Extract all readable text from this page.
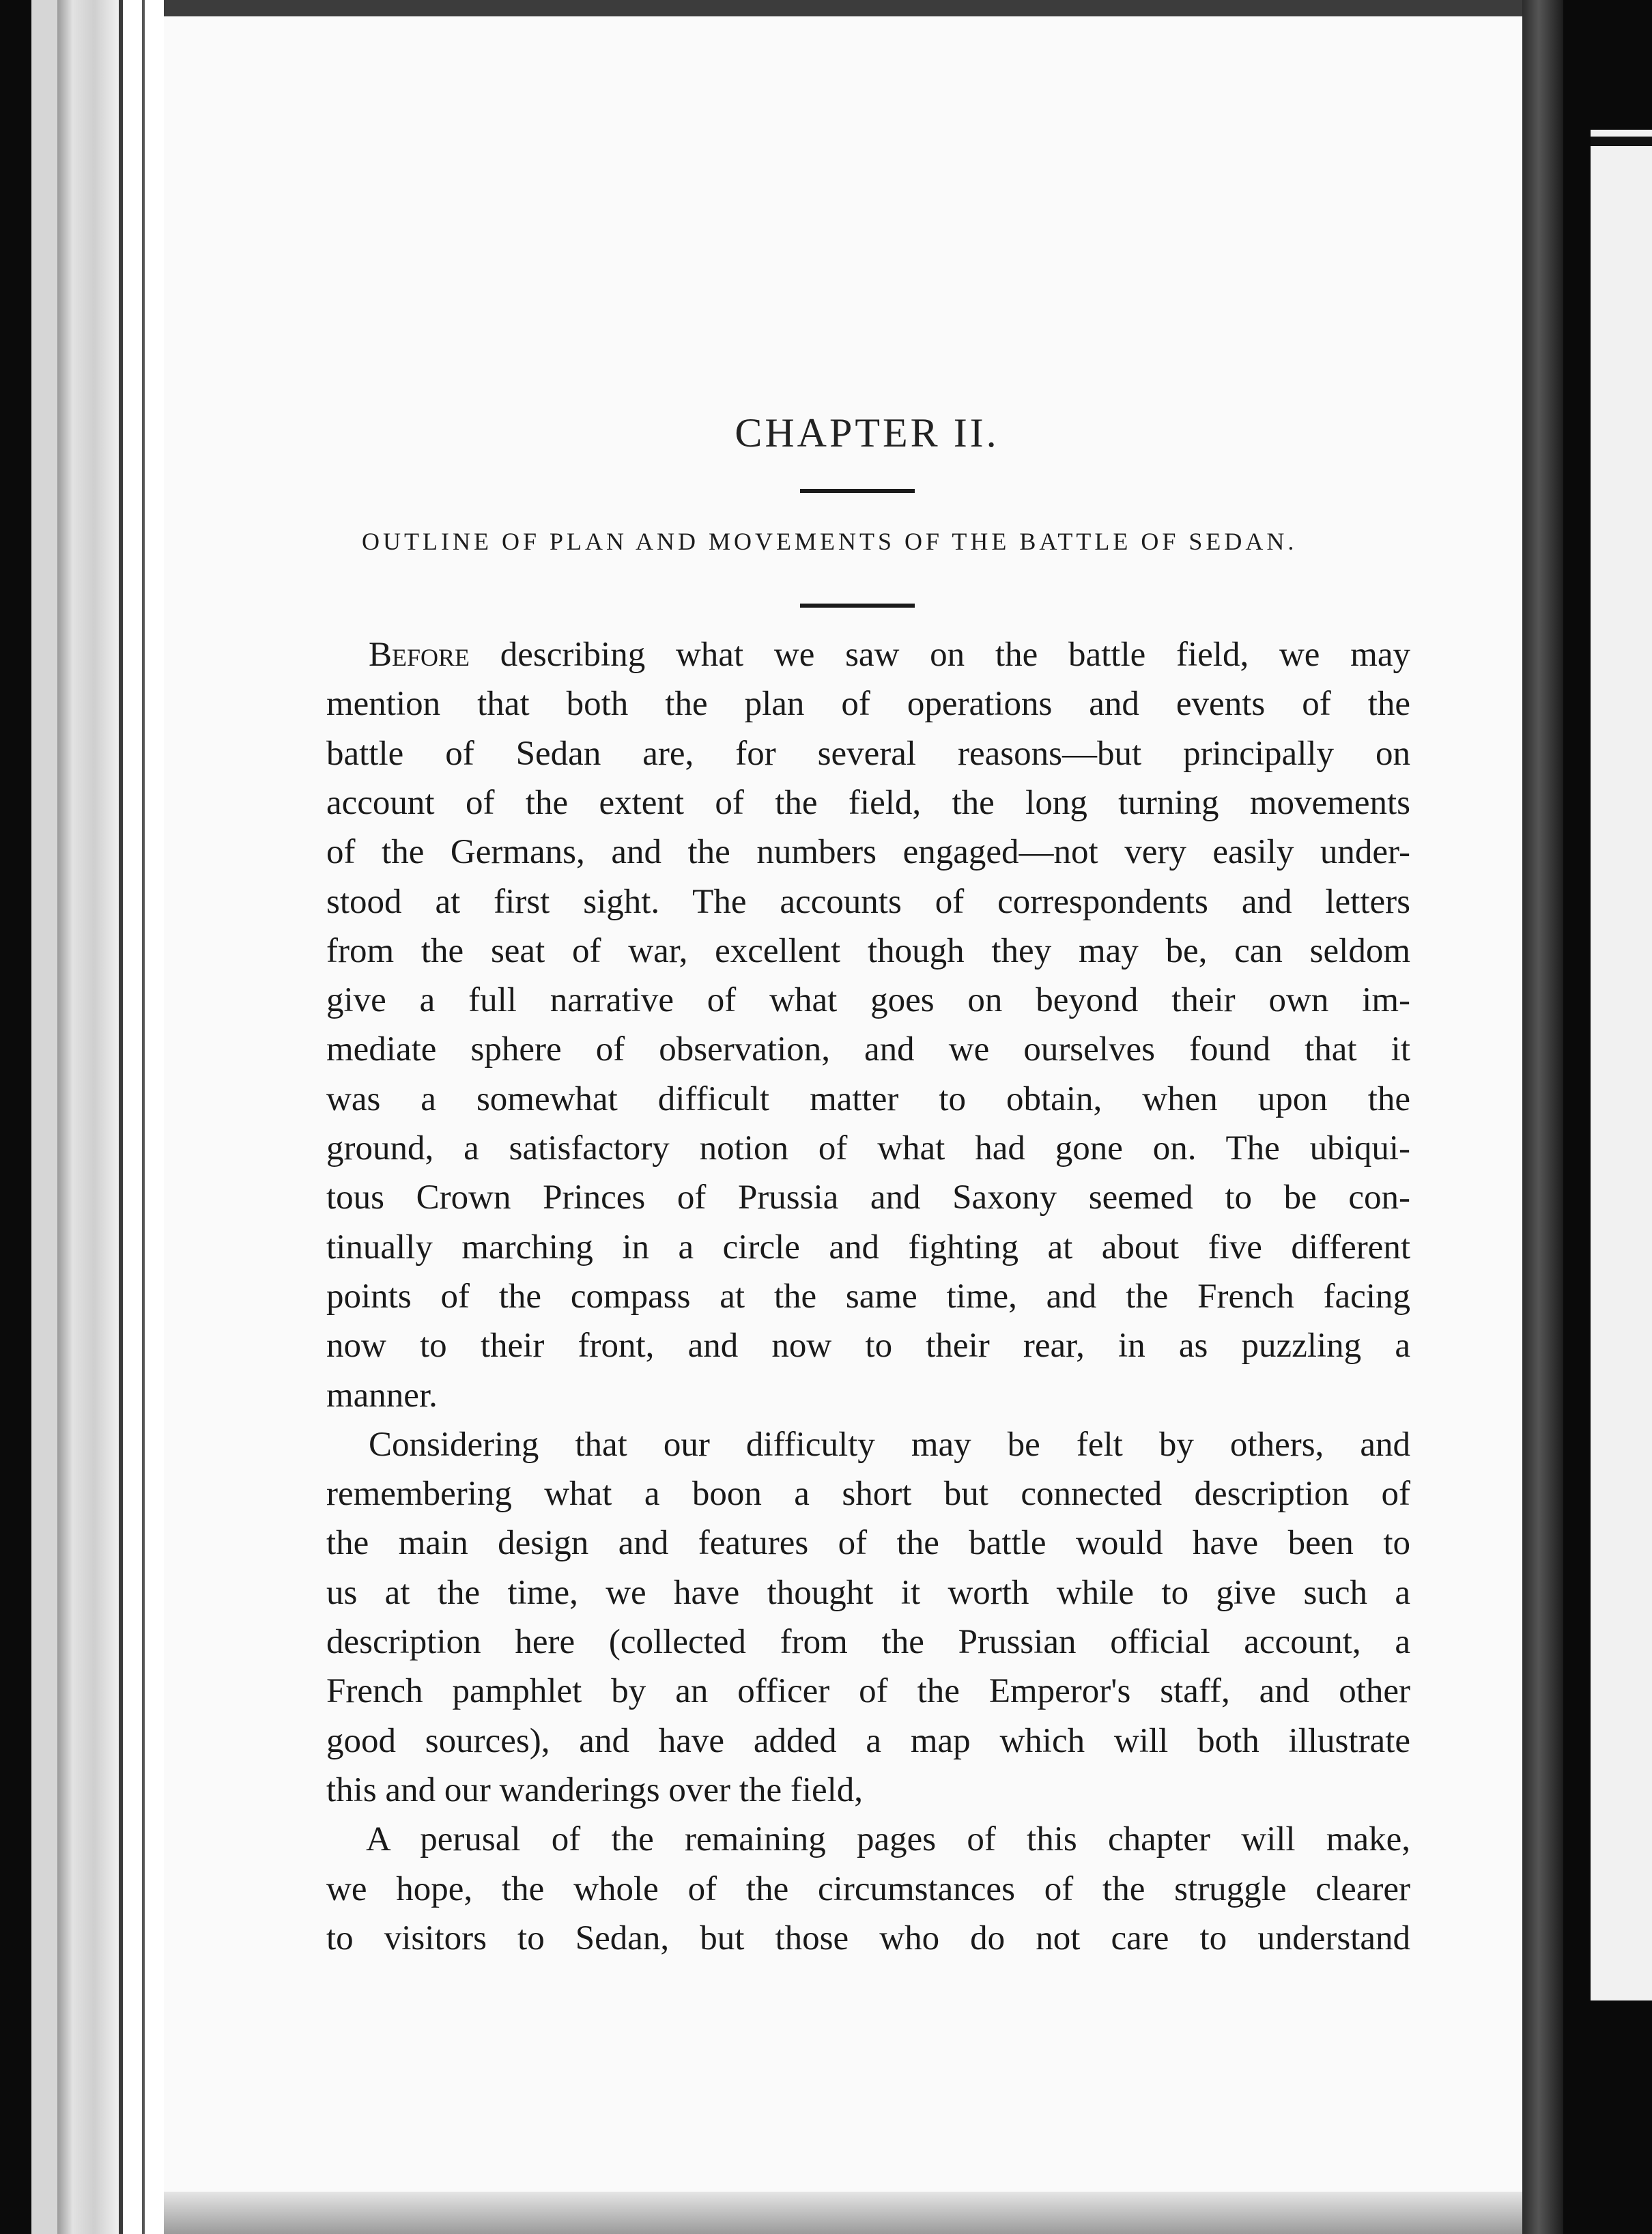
CHAPTER II.
OUTLINE OF PLAN AND MOVEMENTS OF THE BATTLE OF SEDAN.
Before describing what we saw on the battle field, we may
mention that both the plan of operations and events of the
battle of Sedan are, for several reasons—but principally on
account of the extent of the field, the long turning movements
of the Germans, and the numbers engaged—not very easily under-
stood at first sight. The accounts of correspondents and letters
from the seat of war, excellent though they may be, can seldom
give a full narrative of what goes on beyond their own im-
mediate sphere of observation, and we ourselves found that it
was a somewhat difficult matter to obtain, when upon the
ground, a satisfactory notion of what had gone on. The ubiqui-
tous Crown Princes of Prussia and Saxony seemed to be con-
tinually marching in a circle and fighting at about five different
points of the compass at the same time, and the French facing
now to their front, and now to their rear, in as puzzling a
manner.
Considering that our difficulty may be felt by others, and
remembering what a boon a short but connected description of
the main design and features of the battle would have been to
us at the time, we have thought it worth while to give such a
description here (collected from the Prussian official account, a
French pamphlet by an officer of the Emperor's staff, and other
good sources), and have added a map which will both illustrate
this and our wanderings over the field,
A perusal of the remaining pages of this chapter will make,
we hope, the whole of the circumstances of the struggle clearer
to visitors to Sedan, but those who do not care to understand
